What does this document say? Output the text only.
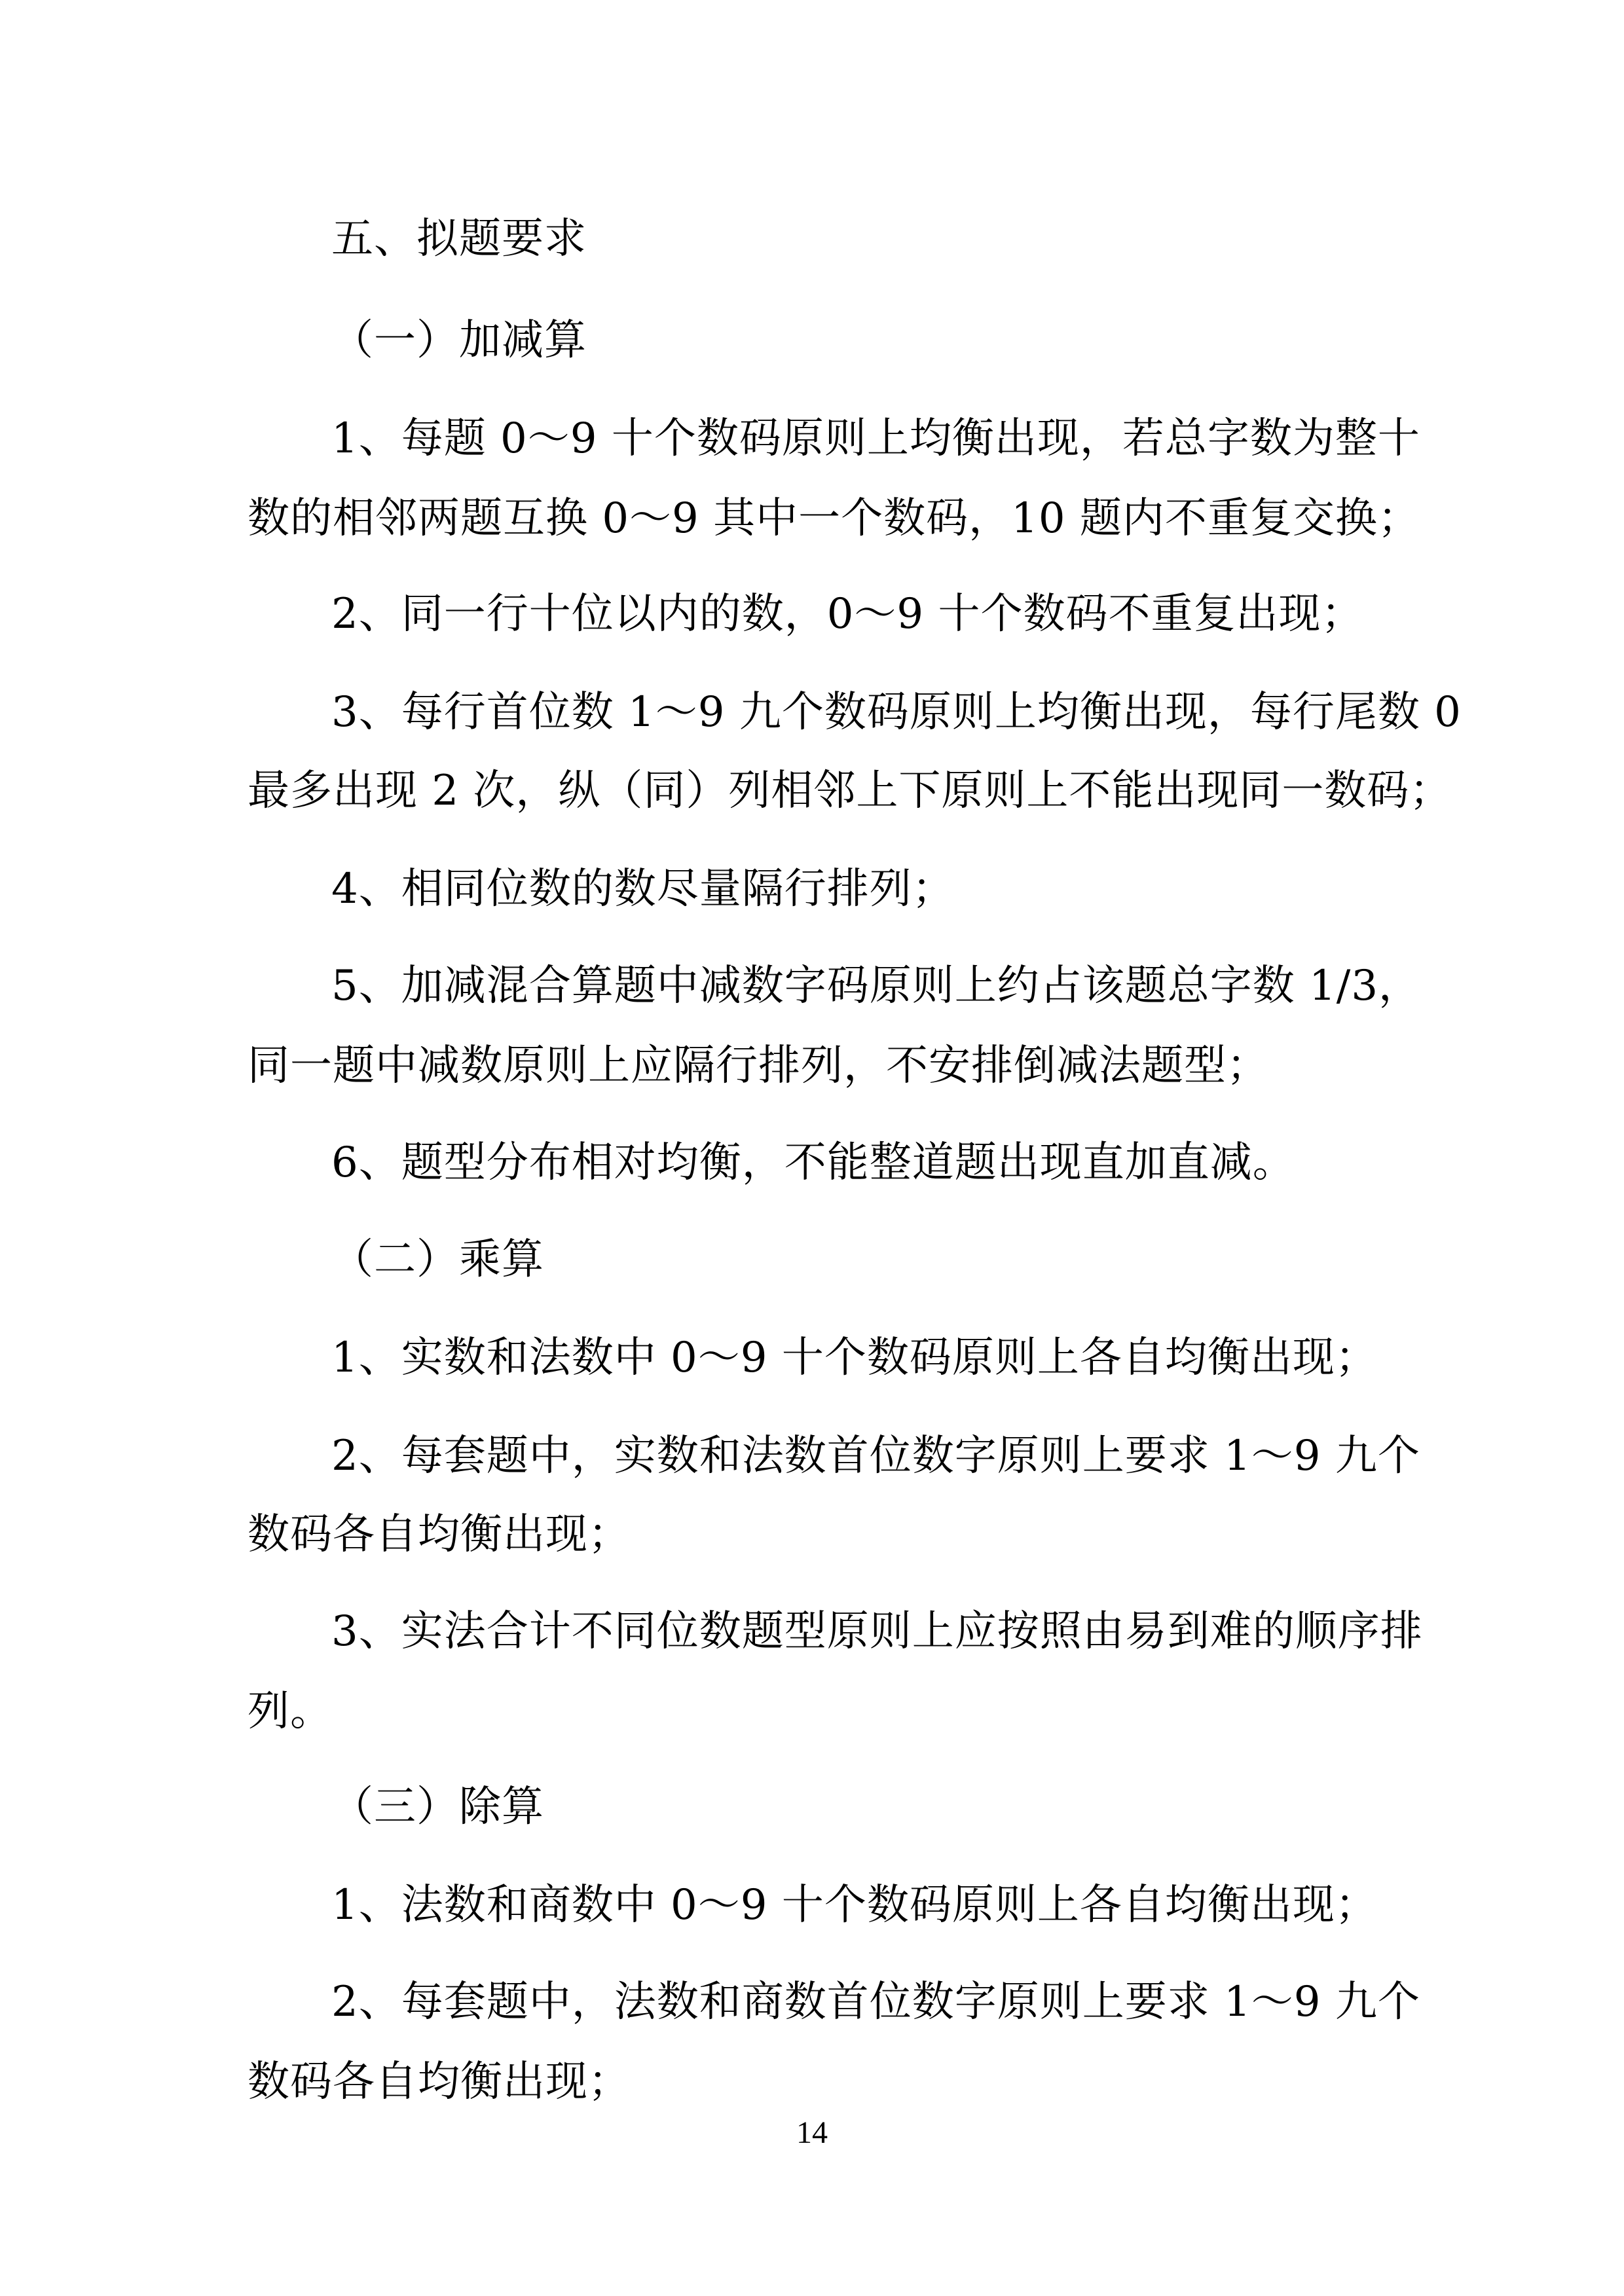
五、拟题要求
（一）加减算
1、每题 0～9 十个数码原则上均衡出现，若总字数为整十
数的相邻两题互换 0～9 其中一个数码，10 题内不重复交换；
2、同一行十位以内的数，0～9 十个数码不重复出现；
3、每行首位数 1～9 九个数码原则上均衡出现，每行尾数 0
最多出现 2 次，纵（同）列相邻上下原则上不能出现同一数码；
4、相同位数的数尽量隔行排列；
5、加减混合算题中减数字码原则上约占该题总字数 1/3，
同一题中减数原则上应隔行排列，不安排倒减法题型；
6、题型分布相对均衡，不能整道题出现直加直减。
（二）乘算
1、实数和法数中 0～9 十个数码原则上各自均衡出现；
2、每套题中，实数和法数首位数字原则上要求 1～9 九个
数码各自均衡出现；
3、实法合计不同位数题型原则上应按照由易到难的顺序排
列。
（三）除算
1、法数和商数中 0～9 十个数码原则上各自均衡出现；
2、每套题中，法数和商数首位数字原则上要求 1～9 九个
数码各自均衡出现；
14
